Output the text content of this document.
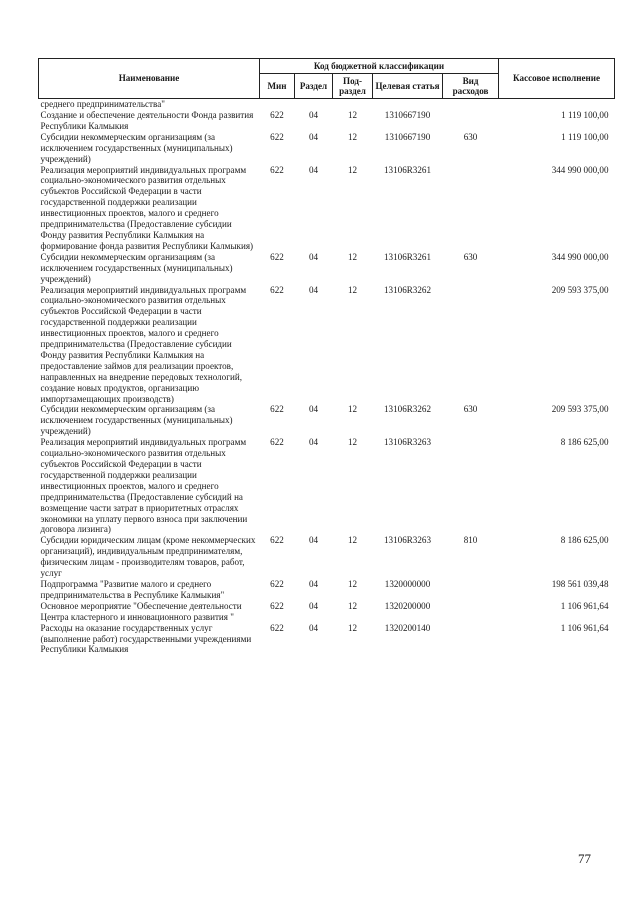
Наименование	Код бюджетной классификации					Кассовое исполнение
	Мин	Раздел	Под-раздел	Целевая статья	Вид расходов	
среднего предпринимательства"						
Создание и обеспечение деятельности Фонда развития Республики Калмыкия	622	04	12	1310667190		1 119 100,00
Субсидии некоммерческим организациям (за исключением государственных (муниципальных) учреждений)	622	04	12	1310667190	630	1 119 100,00
Реализация мероприятий индивидуальных программ социально-экономического развития отдельных субъектов Российской Федерации в части государственной поддержки реализации инвестиционных проектов, малого и среднего предпринимательства (Предоставление субсидии Фонду развития Республики Калмыкия на формирование фонда развития Республики Калмыкия)	622	04	12	13106R3261		344 990 000,00
Субсидии некоммерческим организациям (за исключением государственных (муниципальных) учреждений)	622	04	12	13106R3261	630	344 990 000,00
Реализация мероприятий индивидуальных программ социально-экономического развития отдельных субъектов Российской Федерации в части государственной поддержки реализации инвестиционных проектов, малого и среднего предпринимательства (Предоставление субсидии Фонду развития Республики Калмыкия на предоставление займов для реализации проектов, направленных на внедрение передовых технологий, создание новых продуктов, организацию импортзамещающих производств)	622	04	12	13106R3262		209 593 375,00
Субсидии некоммерческим организациям (за исключением государственных (муниципальных) учреждений)	622	04	12	13106R3262	630	209 593 375,00
Реализация мероприятий индивидуальных программ социально-экономического развития отдельных субъектов Российской Федерации в части государственной поддержки реализации инвестиционных проектов, малого и среднего предпринимательства (Предоставление субсидий на возмещение части затрат в приоритетных отраслях экономики на уплату первого взноса при заключении договора лизинга)	622	04	12	13106R3263		8 186 625,00
Субсидии юридическим лицам (кроме некоммерческих организаций), индивидуальным предпринимателям, физическим лицам - производителям товаров, работ, услуг	622	04	12	13106R3263	810	8 186 625,00
Подпрограмма "Развитие малого и среднего предпринимательства в Республике Калмыкия"	622	04	12	1320000000		198 561 039,48
Основное мероприятие "Обеспечение деятельности Центра кластерного и инновационного развития "	622	04	12	1320200000		1 106 961,64
Расходы на оказание государственных услуг (выполнение работ) государственными учреждениями Республики Калмыкия	622	04	12	1320200140		1 106 961,64
77
